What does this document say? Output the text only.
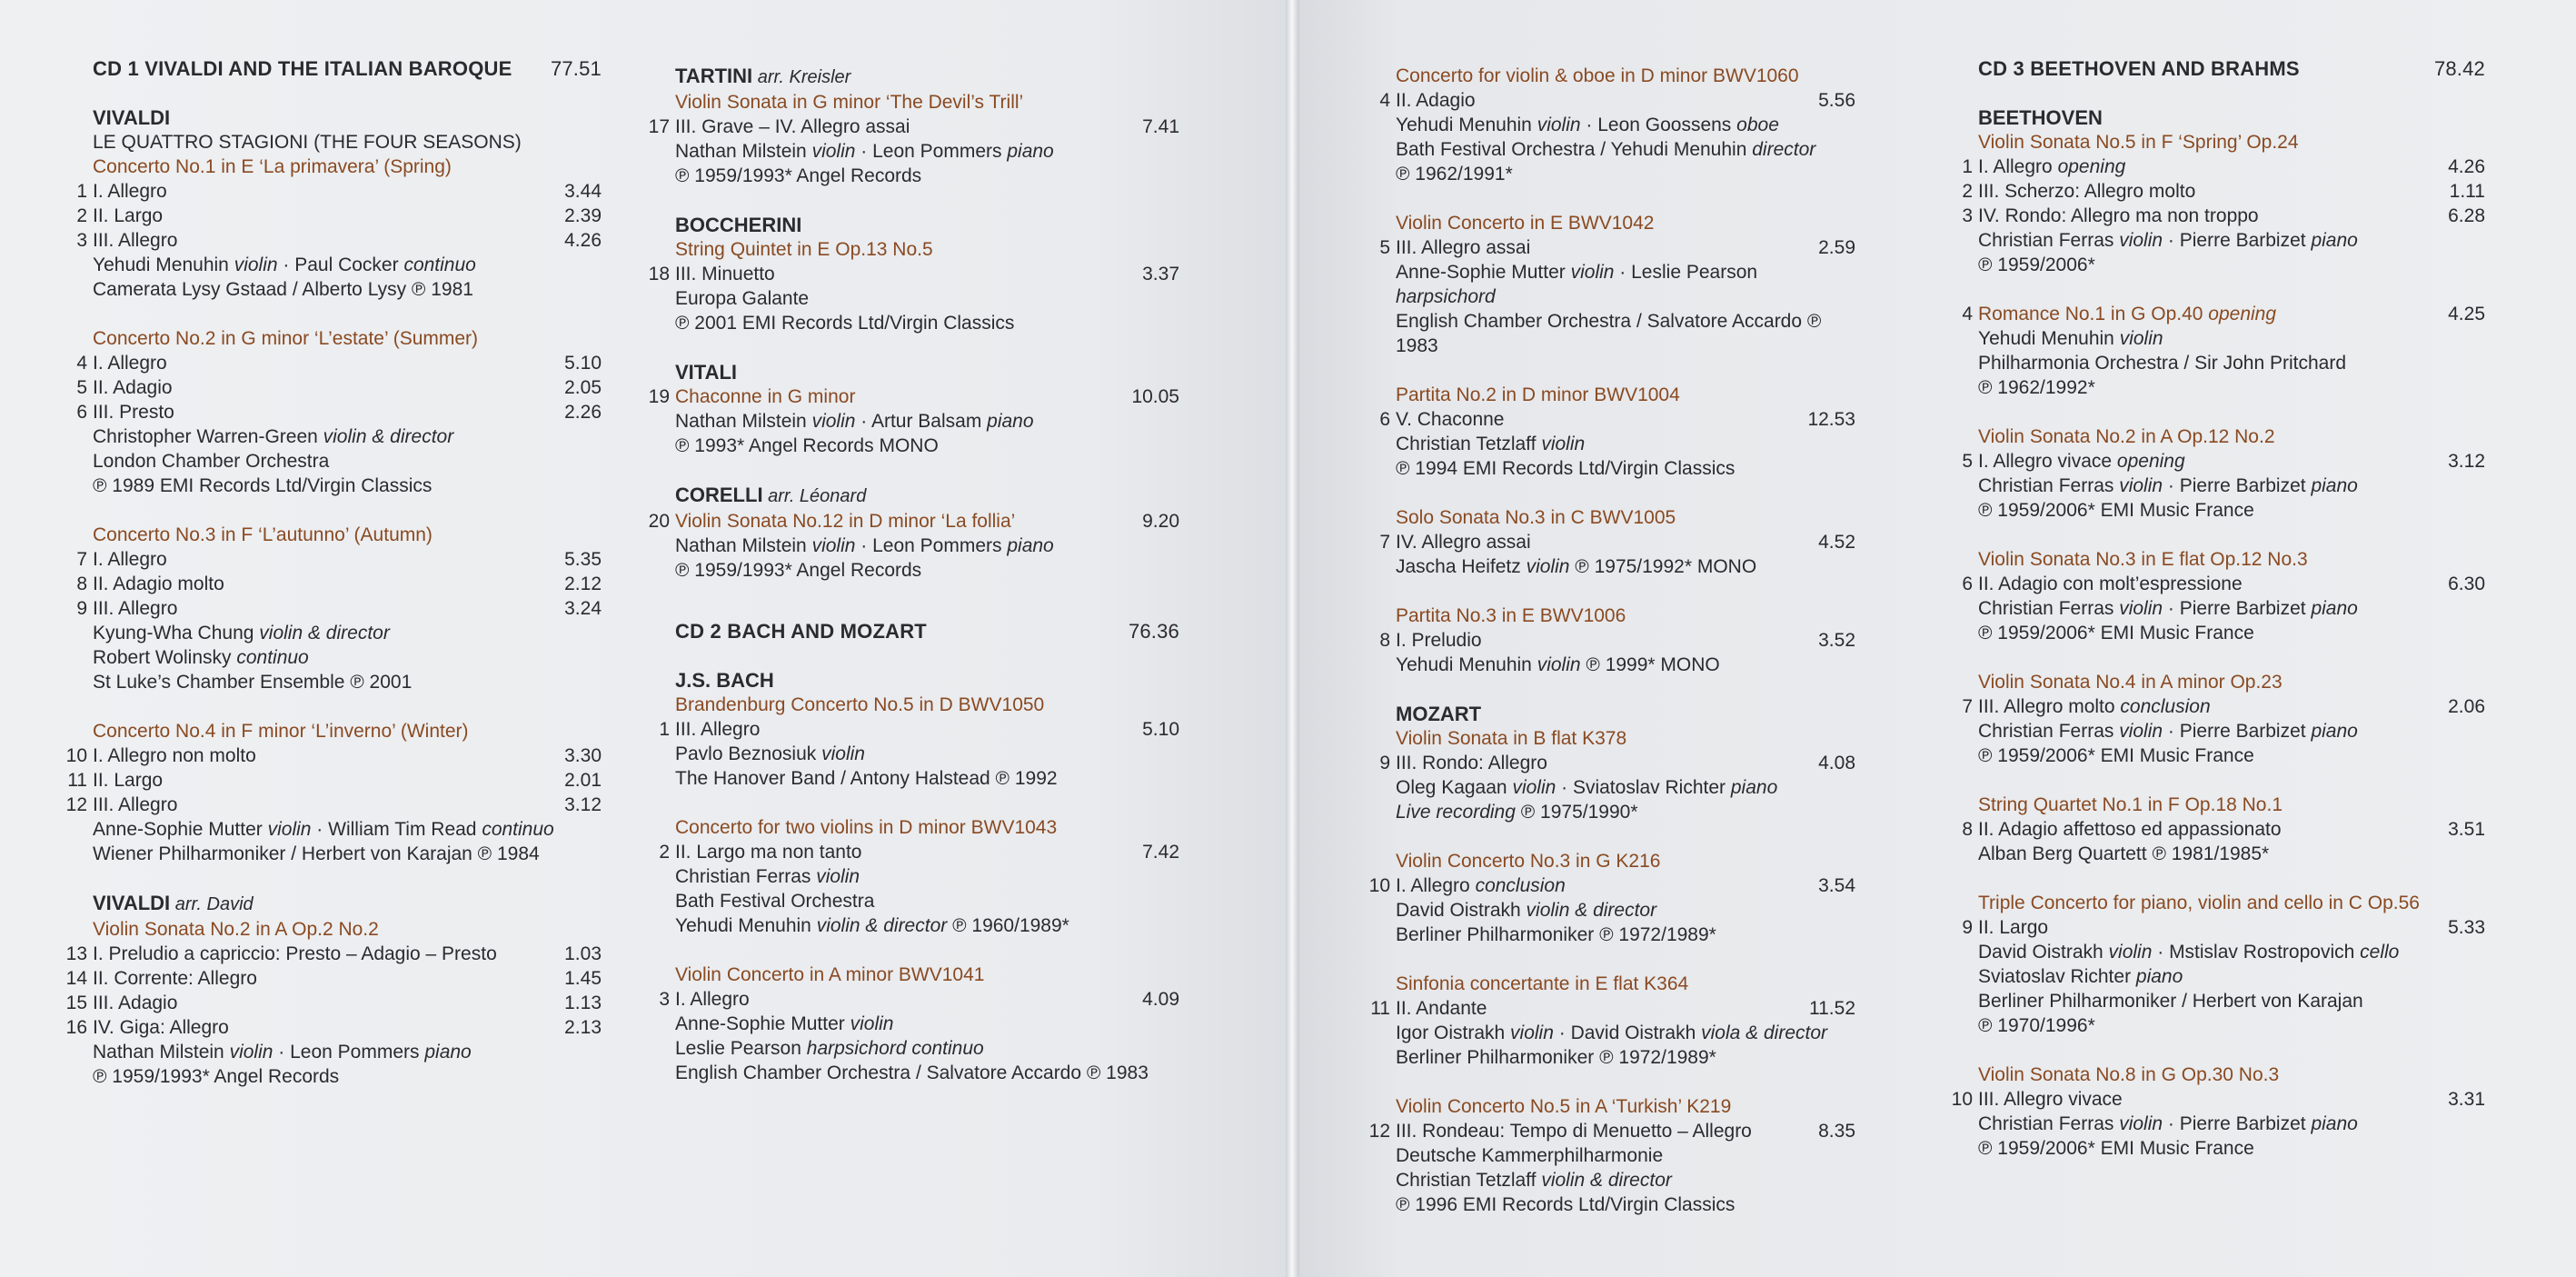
CD 1 VIVALDI AND THE ITALIAN BAROQUE 77.51
VIVALDI
LE QUATTRO STAGIONI (THE FOUR SEASONS)
Concerto No.1 in E ‘La primavera’ (Spring)
1 I. Allegro	3.44
2 II. Largo	2.39
3 III. Allegro	4.26
Yehudi Menuhin violin · Paul Cocker continuo
Camerata Lysy Gstaad / Alberto Lysy ℗ 1981
Concerto No.2 in G minor ‘L’estate’ (Summer)
4 I. Allegro	5.10
5 II. Adagio	2.05
6 III. Presto	2.26
Christopher Warren-Green violin & director
London Chamber Orchestra
℗ 1989 EMI Records Ltd/Virgin Classics
Concerto No.3 in F ‘L’autunno’ (Autumn)
7 I. Allegro	5.35
8 II. Adagio molto	2.12
9 III. Allegro	3.24
Kyung-Wha Chung violin & director
Robert Wolinsky continuo
St Luke’s Chamber Ensemble ℗ 2001
Concerto No.4 in F minor ‘L’inverno’ (Winter)
10 I. Allegro non molto	3.30
11 II. Largo	2.01
12 III. Allegro	3.12
Anne-Sophie Mutter violin · William Tim Read continuo
Wiener Philharmoniker / Herbert von Karajan ℗ 1984
VIVALDI arr. David
Violin Sonata No.2 in A Op.2 No.2
13 I. Preludio a capriccio: Presto – Adagio – Presto	1.03
14 II. Corrente: Allegro	1.45
15 III. Adagio	1.13
16 IV. Giga: Allegro	2.13
Nathan Milstein violin · Leon Pommers piano
℗ 1959/1993* Angel Records
TARTINI arr. Kreisler
Violin Sonata in G minor ‘The Devil’s Trill’
17 III. Grave – IV. Allegro assai	7.41
Nathan Milstein violin · Leon Pommers piano
℗ 1959/1993* Angel Records
BOCCHERINI
String Quintet in E Op.13 No.5
18 III. Minuetto	3.37
Europa Galante
℗ 2001 EMI Records Ltd/Virgin Classics
VITALI
19 Chaconne in G minor	10.05
Nathan Milstein violin · Artur Balsam piano
℗ 1993* Angel Records MONO
CORELLI arr. Léonard
20 Violin Sonata No.12 in D minor ‘La follia’	9.20
Nathan Milstein violin · Leon Pommers piano
℗ 1959/1993* Angel Records
CD 2 BACH AND MOZART	76.36
J.S. BACH
Brandenburg Concerto No.5 in D BWV1050
1 III. Allegro	5.10
Pavlo Beznosiuk violin
The Hanover Band / Antony Halstead ℗ 1992
Concerto for two violins in D minor BWV1043
2 II. Largo ma non tanto	7.42
Christian Ferras violin
Bath Festival Orchestra
Yehudi Menuhin violin & director ℗ 1960/1989*
Violin Concerto in A minor BWV1041
3 I. Allegro	4.09
Anne-Sophie Mutter violin
Leslie Pearson harpsichord continuo
English Chamber Orchestra / Salvatore Accardo ℗ 1983
Concerto for violin & oboe in D minor BWV1060
4 II. Adagio	5.56
Yehudi Menuhin violin · Leon Goossens oboe
Bath Festival Orchestra / Yehudi Menuhin director
℗ 1962/1991*
Violin Concerto in E BWV1042
5 III. Allegro assai	2.59
Anne-Sophie Mutter violin · Leslie Pearson harpsichord
English Chamber Orchestra / Salvatore Accardo ℗ 1983
Partita No.2 in D minor BWV1004
6 V. Chaconne	12.53
Christian Tetzlaff violin
℗ 1994 EMI Records Ltd/Virgin Classics
Solo Sonata No.3 in C BWV1005
7 IV. Allegro assai	4.52
Jascha Heifetz violin ℗ 1975/1992* MONO
Partita No.3 in E BWV1006
8 I. Preludio	3.52
Yehudi Menuhin violin ℗ 1999* MONO
MOZART
Violin Sonata in B flat K378
9 III. Rondo: Allegro	4.08
Oleg Kagaan violin · Sviatoslav Richter piano
Live recording ℗ 1975/1990*
Violin Concerto No.3 in G K216
10 I. Allegro conclusion	3.54
David Oistrakh violin & director
Berliner Philharmoniker ℗ 1972/1989*
Sinfonia concertante in E flat K364
11 II. Andante	11.52
Igor Oistrakh violin · David Oistrakh viola & director
Berliner Philharmoniker ℗ 1972/1989*
Violin Concerto No.5 in A ‘Turkish’ K219
12 III. Rondeau: Tempo di Menuetto – Allegro	8.35
Deutsche Kammerphilharmonie
Christian Tetzlaff violin & director
℗ 1996 EMI Records Ltd/Virgin Classics
CD 3 BEETHOVEN AND BRAHMS	78.42
BEETHOVEN
Violin Sonata No.5 in F ‘Spring’ Op.24
1 I. Allegro opening	4.26
2 III. Scherzo: Allegro molto	1.11
3 IV. Rondo: Allegro ma non troppo	6.28
Christian Ferras violin · Pierre Barbizet piano
℗ 1959/2006*
4 Romance No.1 in G Op.40 opening	4.25
Yehudi Menuhin violin
Philharmonia Orchestra / Sir John Pritchard
℗ 1962/1992*
Violin Sonata No.2 in A Op.12 No.2
5 I. Allegro vivace opening	3.12
Christian Ferras violin · Pierre Barbizet piano
℗ 1959/2006* EMI Music France
Violin Sonata No.3 in E flat Op.12 No.3
6 II. Adagio con molt’espressione	6.30
Christian Ferras violin · Pierre Barbizet piano
℗ 1959/2006* EMI Music France
Violin Sonata No.4 in A minor Op.23
7 III. Allegro molto conclusion	2.06
Christian Ferras violin · Pierre Barbizet piano
℗ 1959/2006* EMI Music France
String Quartet No.1 in F Op.18 No.1
8 II. Adagio affettoso ed appassionato	3.51
Alban Berg Quartett ℗ 1981/1985*
Triple Concerto for piano, violin and cello in C Op.56
9 II. Largo	5.33
David Oistrakh violin · Mstislav Rostropovich cello
Sviatoslav Richter piano
Berliner Philharmoniker / Herbert von Karajan
℗ 1970/1996*
Violin Sonata No.8 in G Op.30 No.3
10 III. Allegro vivace	3.31
Christian Ferras violin · Pierre Barbizet piano
℗ 1959/2006* EMI Music France
